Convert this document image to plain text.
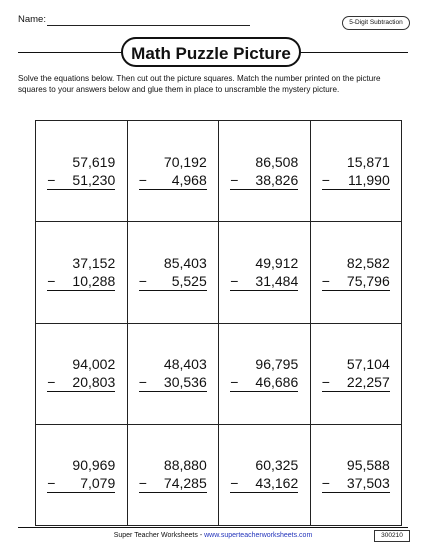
Name:	5-Digit Subtraction
Math Puzzle Picture
Solve the equations below. Then cut out the picture squares. Match the number printed on the picture squares to your answers below and glue them in place to unscramble the mystery picture.
57,619
− 51,230
70,192
− 4,968
86,508
− 38,826
15,871
− 11,990
37,152
− 10,288
85,403
− 5,525
49,912
− 31,484
82,582
− 75,796
94,002
− 20,803
48,403
− 30,536
96,795
− 46,686
57,104
− 22,257
90,969
− 7,079
88,880
− 74,285
60,325
− 43,162
95,588
− 37,503
Super Teacher Worksheets - www.superteacherworksheets.com	300210
